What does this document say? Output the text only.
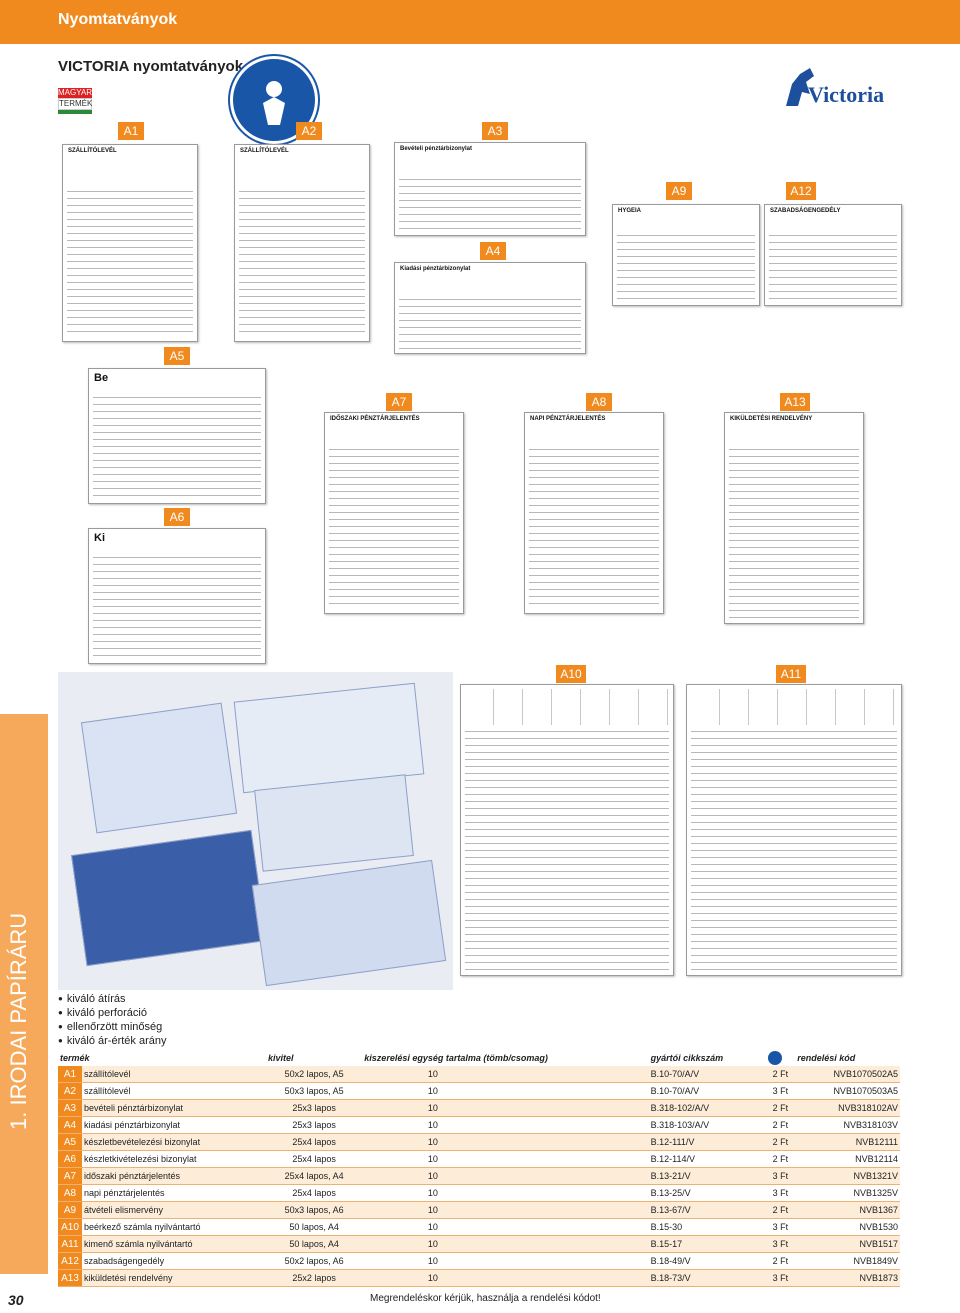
Nyomtatványok
VICTORIA nyomtatványok
MAGYAR
TERMÉK	Victoria
A1	A2	A3
A4
A5
A6
A7	A8
A9	A12
A13
A10	A11
SZÁLLÍTÓLEVÉL	SZÁLLÍTÓLEVÉL	Bevételi pénztárbizonylat
Kiadási pénztárbizonylat
HYGEIA	SZABADSÁGENGEDÉLY
Be
Ki
IDŐSZAKI PÉNZTÁRJELENTÉS	NAPI PÉNZTÁRJELENTÉS	KIKÜLDETÉSI RENDELVÉNY
1. IRODAI PAPÍRÁRU
30
● kiváló átírás
● kiváló perforáció
● ellenőrzött minőség
● kiváló ár-érték arány
termék		kivitel	kiszerelési egység tartalma (tömb/csomag)		gyártói cikkszám		rendelési kód
A1	szállítólevél	50x2 lapos, A5		10	B.10-70/A/V	2 Ft	NVB1070502A5
A2	szállítólevél	50x3 lapos, A5		10	B.10-70/A/V	3 Ft	NVB1070503A5
A3	bevételi pénztárbizonylat	25x3 lapos		10	B.318-102/A/V	2 Ft	NVB318102AV
A4	kiadási pénztárbizonylat	25x3 lapos		10	B.318-103/A/V	2 Ft	NVB318103V
A5	készletbevételezési bizonylat	25x4 lapos		10	B.12-111/V	2 Ft	NVB12111
A6	készletkivételezési bizonylat	25x4 lapos		10	B.12-114/V	2 Ft	NVB12114
A7	időszaki pénztárjelentés	25x4 lapos, A4		10	B.13-21/V	3 Ft	NVB1321V
A8	napi pénztárjelentés	25x4 lapos		10	B.13-25/V	3 Ft	NVB1325V
A9	átvételi elismervény	50x3 lapos, A6		10	B.13-67/V	2 Ft	NVB1367
A10	beérkező számla nyilvántartó	50 lapos, A4		10	B.15-30	3 Ft	NVB1530
A11	kimenő számla nyilvántartó	50 lapos, A4		10	B.15-17	3 Ft	NVB1517
A12	szabadságengedély	50x2 lapos, A6		10	B.18-49/V	2 Ft	NVB1849V
A13	kiküldetési rendelvény	25x2 lapos		10	B.18-73/V	3 Ft	NVB1873
Megrendeléskor kérjük, használja a rendelési kódot!
